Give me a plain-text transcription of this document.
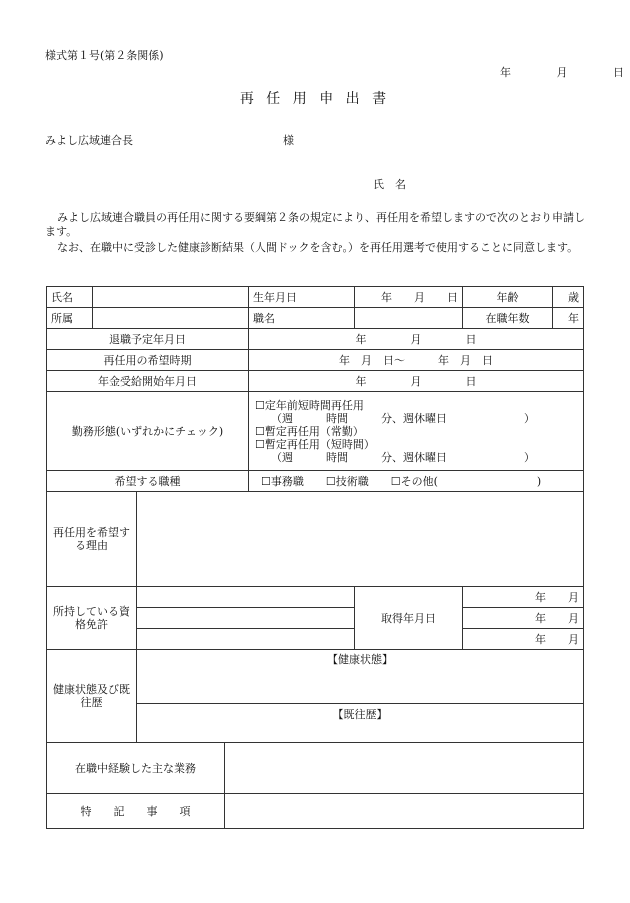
様式第１号(第２条関係)
年	月	日
再 任 用 申 出 書
みよし広域連合長	様
氏　名
みよし広域連合職員の再任用に関する要綱第２条の規定により、再任用を希望しますので次のとおり申請します。
なお、在職中に受診した健康診断結果（人間ドックを含む。）を再任用選考で使用することに同意します。
氏名				生年月日	年　　 月　　 日	年齢	歳
所属				職名		在職年数	年
退職予定年月日				年　　　　 月　　　　 日			
再任用の希望時期				年　 月　 日～　　　 年　 月　 日			
年金受給開始年月日				年　　　　 月　　　　 日			
勤務形態(いずれかにチェック)				☐定年前短時間再任用
（週　　　時間　　　分、週休曜日　　　　　　　）
☐暫定再任用（常勤）
☐暫定再任用（短時間）
（週　　　時間　　　分、週休曜日　　　　　　　）			

希望する職種				☐事務職　　☐技術職　　☐その他(　　　　　　　　　)			
再任用を希望する理由							
所持している資格免許					取得年月日	年　　 月	
						年　　 月	
						年　　 月	
健康状態及び既往歴		【健康状態】					
		【既往歴】					
在職中経験した主な業務							
特　　記　　事　　項							
